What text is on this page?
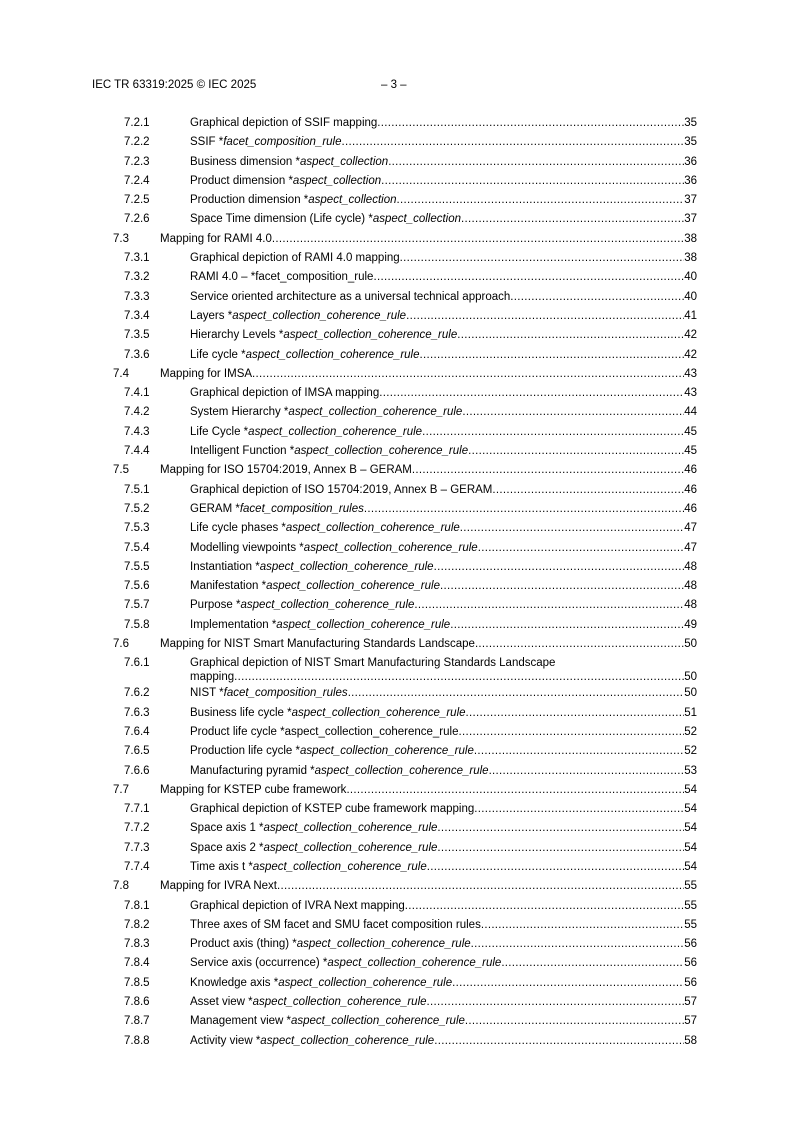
IEC TR 63319:2025 © IEC 2025	– 3 –
7.2.1	Graphical depiction of SSIF mapping .....	35
7.2.2	SSIF *facet_composition_rule .....	35
7.2.3	Business dimension *aspect_collection .....	36
7.2.4	Product dimension *aspect_collection .....	36
7.2.5	Production dimension *aspect_collection .....	37
7.2.6	Space Time dimension (Life cycle) *aspect_collection .....	37
7.3	Mapping for RAMI 4.0 .....	38
7.3.1	Graphical depiction of RAMI 4.0 mapping .....	38
7.3.2	RAMI 4.0 – *facet_composition_rule .....	40
7.3.3	Service oriented architecture as a universal technical approach .....	40
7.3.4	Layers *aspect_collection_coherence_rule .....	41
7.3.5	Hierarchy Levels *aspect_collection_coherence_rule .....	42
7.3.6	Life cycle *aspect_collection_coherence_rule .....	42
7.4	Mapping for IMSA .....	43
7.4.1	Graphical depiction of IMSA mapping .....	43
7.4.2	System Hierarchy *aspect_collection_coherence_rule .....	44
7.4.3	Life Cycle *aspect_collection_coherence_rule .....	45
7.4.4	Intelligent Function *aspect_collection_coherence_rule .....	45
7.5	Mapping for ISO 15704:2019, Annex B – GERAM .....	46
7.5.1	Graphical depiction of ISO 15704:2019, Annex B – GERAM .....	46
7.5.2	GERAM *facet_composition_rules .....	46
7.5.3	Life cycle phases *aspect_collection_coherence_rule .....	47
7.5.4	Modelling viewpoints *aspect_collection_coherence_rule .....	47
7.5.5	Instantiation *aspect_collection_coherence_rule .....	48
7.5.6	Manifestation *aspect_collection_coherence_rule .....	48
7.5.7	Purpose *aspect_collection_coherence_rule .....	48
7.5.8	Implementation *aspect_collection_coherence_rule .....	49
7.6	Mapping for NIST Smart Manufacturing Standards Landscape .....	50
7.6.1	Graphical depiction of NIST Smart Manufacturing Standards Landscape
mapping .....	50
7.6.2	NIST *facet_composition_rules .....	50
7.6.3	Business life cycle *aspect_collection_coherence_rule .....	51
7.6.4	Product life cycle *aspect_collection_coherence_rule .....	52
7.6.5	Production life cycle *aspect_collection_coherence_rule .....	52
7.6.6	Manufacturing pyramid *aspect_collection_coherence_rule .....	53
7.7	Mapping for KSTEP cube framework .....	54
7.7.1	Graphical depiction of KSTEP cube framework mapping .....	54
7.7.2	Space axis 1 *aspect_collection_coherence_rule .....	54
7.7.3	Space axis 2 *aspect_collection_coherence_rule .....	54
7.7.4	Time axis t *aspect_collection_coherence_rule .....	54
7.8	Mapping for IVRA Next .....	55
7.8.1	Graphical depiction of IVRA Next mapping .....	55
7.8.2	Three axes of SM facet and SMU facet composition rules .....	55
7.8.3	Product axis (thing) *aspect_collection_coherence_rule .....	56
7.8.4	Service axis (occurrence) *aspect_collection_coherence_rule .....	56
7.8.5	Knowledge axis *aspect_collection_coherence_rule .....	56
7.8.6	Asset view *aspect_collection_coherence_rule .....	57
7.8.7	Management view *aspect_collection_coherence_rule .....	57
7.8.8	Activity view *aspect_collection_coherence_rule .....	58
